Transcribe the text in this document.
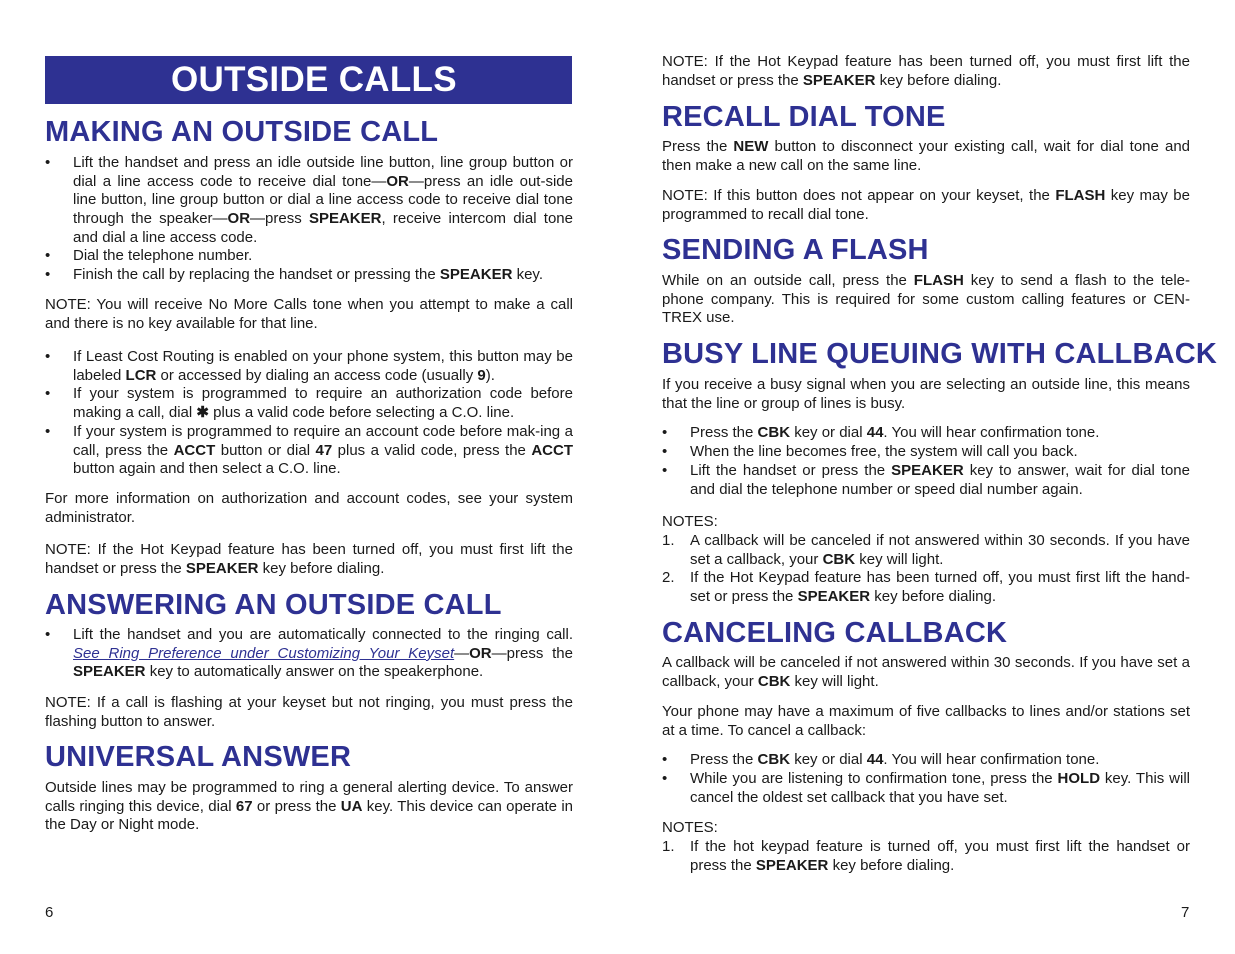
OUTSIDE CALLS
MAKING AN OUTSIDE CALL
•	Lift the handset and press an idle outside line button, line group button or dial a line access code to receive dial tone—OR—press an idle out-side line button, line group button or dial a line access code to receive dial tone through the speaker—OR—press SPEAKER, receive intercom dial tone and dial a line access code.
•	Dial the telephone number.
•	Finish the call by replacing the handset or pressing the SPEAKER key.

NOTE: You will receive No More Calls tone when you attempt to make a call and there is no key available for that line.

•	If Least Cost Routing is enabled on your phone system, this button may be labeled LCR or accessed by dialing an access code (usually 9).
•	If your system is programmed to require an authorization code before making a call, dial ✱ plus a valid code before selecting a C.O. line.
•	If your system is programmed to require an account code before mak-ing a call, press the ACCT button or dial 47 plus a valid code, press the ACCT button again and then select a C.O. line.

For more information on authorization and account codes, see your system administrator.

NOTE: If the Hot Keypad feature has been turned off, you must first lift the handset or press the SPEAKER key before dialing.

ANSWERING AN OUTSIDE CALL
•	Lift the handset and you are automatically connected to the ringing call. See Ring Preference under Customizing Your Keyset—OR—press the SPEAKER key to automatically answer on the speakerphone.

NOTE: If a call is flashing at your keyset but not ringing, you must press the flashing button to answer.

UNIVERSAL ANSWER

Outside lines may be programmed to ring a general alerting device. To answer calls ringing this device, dial 67 or press the UA key. This device can operate in the Day or Night mode.

6

NOTE: If the Hot Keypad feature has been turned off, you must first lift the handset or press the SPEAKER key before dialing.

RECALL DIAL TONE

Press the NEW button to disconnect your existing call, wait for dial tone and then make a new call on the same line.

NOTE: If this button does not appear on your keyset, the FLASH key may be programmed to recall dial tone.

SENDING A FLASH

While on an outside call, press the FLASH key to send a flash to the tele-phone company. This is required for some custom calling features or CEN-TREX use.

BUSY LINE QUEUING WITH CALLBACK

If you receive a busy signal when you are selecting an outside line, this means that the line or group of lines is busy.

•	Press the CBK key or dial 44. You will hear confirmation tone.
•	When the line becomes free, the system will call you back.
•	Lift the handset or press the SPEAKER key to answer, wait for dial tone and dial the telephone number or speed dial number again.

NOTES:

1.	A callback will be canceled if not answered within 30 seconds. If you have set a callback, your CBK key will light.
2.	If the Hot Keypad feature has been turned off, you must first lift the hand-set or press the SPEAKER key before dialing.
CANCELING CALLBACK

A callback will be canceled if not answered within 30 seconds. If you have set a callback, your CBK key will light.

Your phone may have a maximum of five callbacks to lines and/or stations set at a time. To cancel a callback:

•	Press the CBK key or dial 44. You will hear confirmation tone.
•	While you are listening to confirmation tone, press the HOLD key. This will cancel the oldest set callback that you have set.

NOTES:

1.	If the hot keypad feature is turned off, you must first lift the handset or press the SPEAKER key before dialing.
7
